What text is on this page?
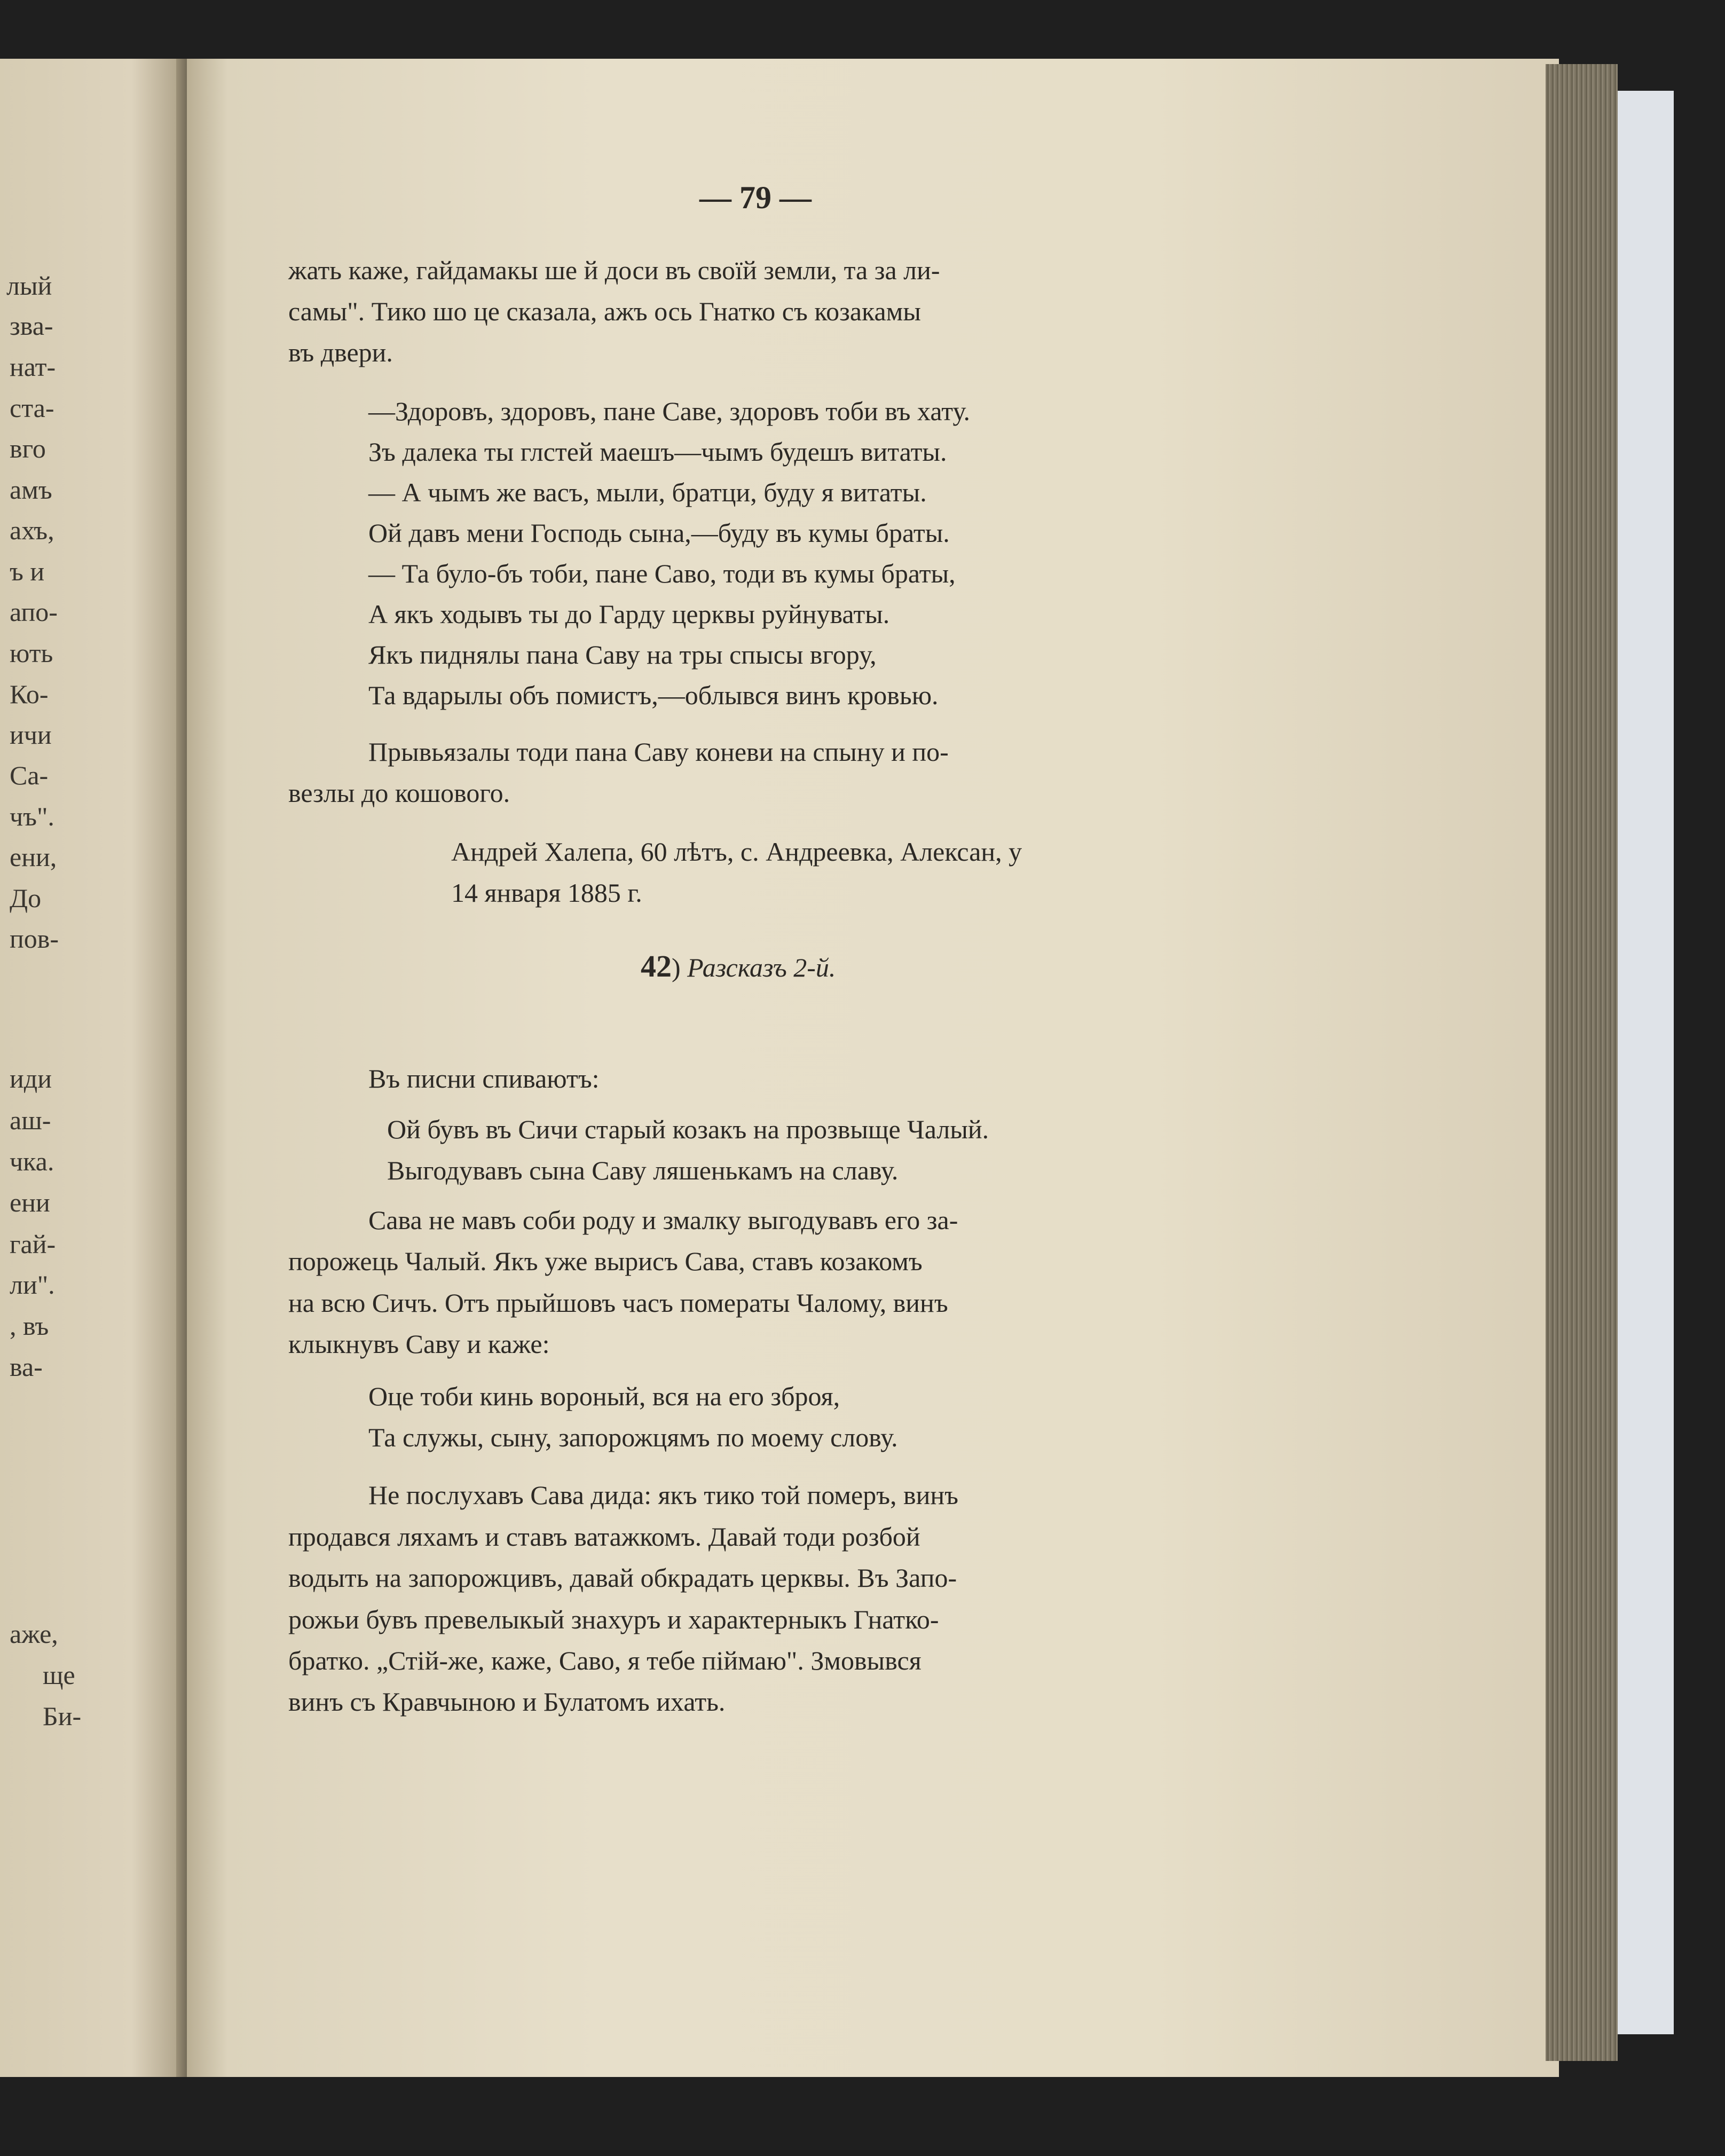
лый
зва-
нат-
ста-
вго
амъ
ахъ,
ъ и
апо-
ють
Ко-
ичи
Са-
чъ".
ени,
До
пов-
иди
аш-
чка.
ени
гай-
ли".
, въ
ва-
аже,
ще
Би-
— 79 —
жать каже, гайдамакы ше й доси въ своїй земли, та за ли-
самы". Тико шо це сказала, ажъ ось Гнатко съ козакамы
въ двери.
—Здоровъ, здоровъ, пане Саве, здоровъ тоби въ хату.
Зъ далека ты глстей маешъ—чымъ будешъ витаты.
— А чымъ же васъ, мыли, братци, буду я витаты.
Ой давъ мени Господь сына,—буду въ кумы браты.
— Та було-бъ тоби, пане Саво, тоди въ кумы браты,
А якъ ходывъ ты до Гарду церквы руйнуваты.
Якъ пиднялы пана Саву на тры спысы вгору,
Та вдарылы объ помистъ,—облывся винъ кровью.
Прывьязалы тоди пана Саву коневи на спыну и по-
везлы до кошового.
Андрей Халепа, 60 лѣтъ, с. Андреевка, Алексан, у
14 января 1885 г.
42) Разсказъ 2-й.
Въ писни спиваютъ:
Ой бувъ въ Сичи старый козакъ на прозвыще Чалый.
Выгодувавъ сына Саву ляшенькамъ на славу.
Сава не мавъ соби роду и змалку выгодувавъ его за-
порожець Чалый. Якъ уже вырисъ Сава, ставъ козакомъ
на всю Сичъ. Отъ прыйшовъ часъ помераты Чалому, винъ
клыкнувъ Саву и каже:
Оце тоби кинь вороный, вся на его зброя,
Та служы, сыну, запорожцямъ по моему слову.
Не послухавъ Сава дида: якъ тико той померъ, винъ
продався ляхамъ и ставъ ватажкомъ. Давай тоди розбой
водыть на запорожцивъ, давай обкрадать церквы. Въ Запо-
рожьи бувъ превелыкый знахуръ и характерныкъ Гнатко-
братко. „Стій-же, каже, Саво, я тебе піймаю". Змовывся
винъ съ Кравчыною и Булатомъ ихать.
